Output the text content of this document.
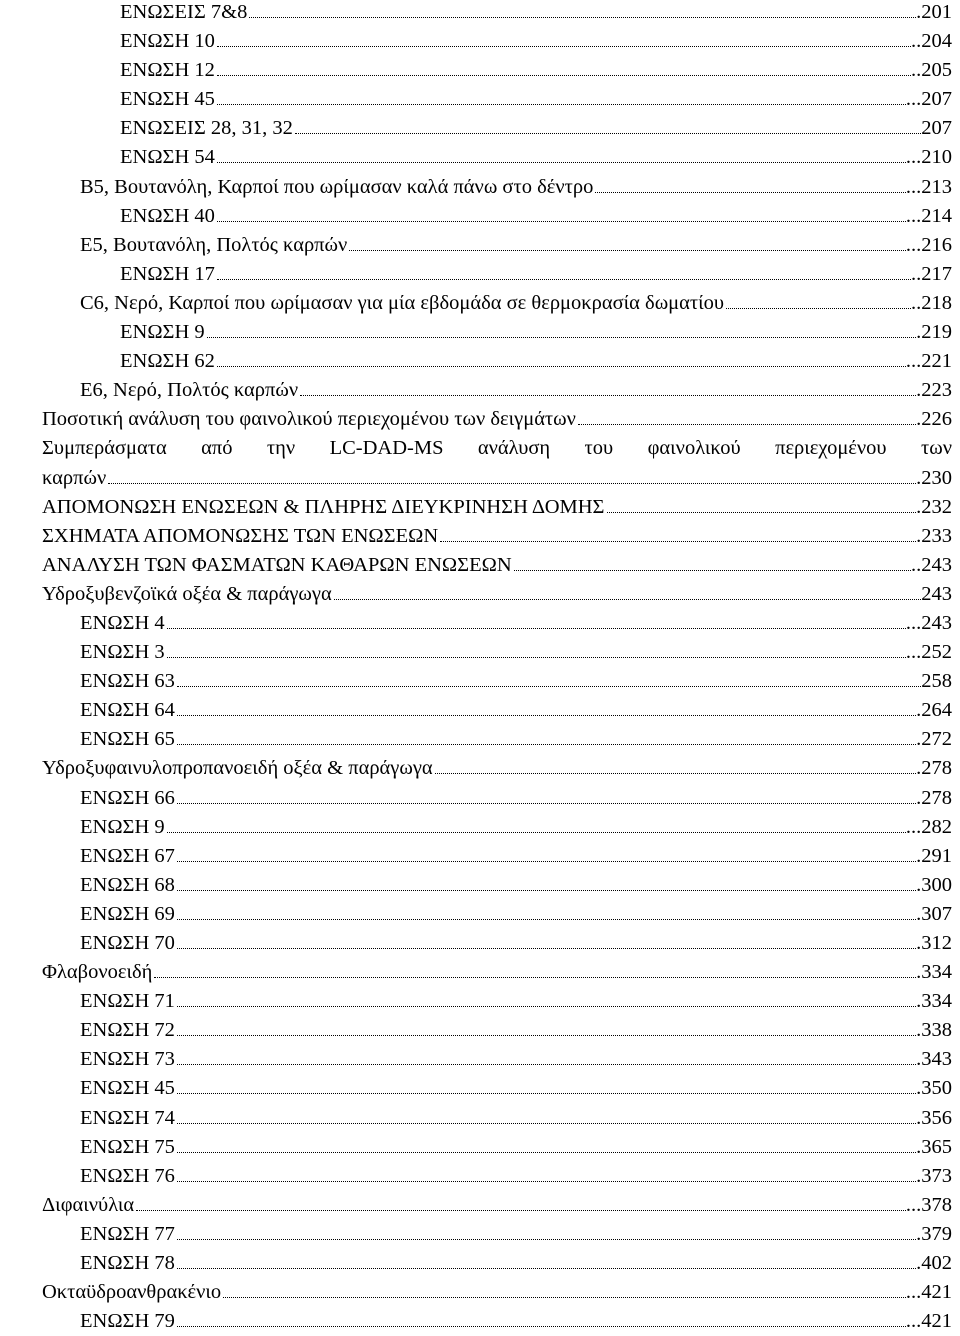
ΕΝΩΣΕΙΣ 7&8	.201
ΕΝΩΣΗ 10	..204
ΕΝΩΣΗ 12	..205
ΕΝΩΣΗ 45	...207
ΕΝΩΣΕΙΣ 28, 31, 32	207
ΕΝΩΣΗ 54	...210
B5, Βουτανόλη, Καρποί που ωρίμασαν καλά πάνω στο δέντρο	...213
ΕΝΩΣΗ 40	...214
E5, Βουτανόλη, Πολτός καρπών	...216
ΕΝΩΣΗ 17	..217
C6, Νερό, Καρποί που ωρίμασαν για μία εβδομάδα σε θερμοκρασία δωματίου	..218
ΕΝΩΣΗ 9	.219
ΕΝΩΣΗ 62	...221
E6, Νερό, Πολτός καρπών	.223
Ποσοτική ανάλυση του φαινολικού περιεχομένου των δειγμάτων	.226
Συμπεράσματα από την LC-DAD-MS ανάλυση του φαινολικού περιεχομένου των
καρπών	.230
ΑΠΟΜΟΝΩΣΗ ΕΝΩΣΕΩΝ & ΠΛΗΡΗΣ ΔΙΕΥΚΡΙΝΗΣΗ ΔΟΜΗΣ	.232
ΣΧΗΜΑΤΑ ΑΠΟΜΟΝΩΣΗΣ ΤΩΝ ΕΝΩΣΕΩΝ	.233
ΑΝΑΛΥΣΗ ΤΩΝ ΦΑΣΜΑΤΩΝ ΚΑΘΑΡΩΝ ΕΝΩΣΕΩΝ	..243
Υδροξυβενζοϊκά οξέα & παράγωγα	243
ΕΝΩΣΗ 4	...243
ΕΝΩΣΗ 3	...252
ΕΝΩΣΗ 63	258
ΕΝΩΣΗ 64	.264
ΕΝΩΣΗ 65	.272
Υδροξυφαινυλοπροπανοειδή οξέα & παράγωγα	.278
ΕΝΩΣΗ 66	.278
ΕΝΩΣΗ 9	...282
ΕΝΩΣΗ 67	.291
ΕΝΩΣΗ 68	.300
ΕΝΩΣΗ 69	.307
ΕΝΩΣΗ 70	.312
Φλαβονοειδή	.334
ΕΝΩΣΗ 71	.334
ΕΝΩΣΗ 72	.338
ΕΝΩΣΗ 73	.343
ΕΝΩΣΗ 45	.350
ΕΝΩΣΗ 74	.356
ΕΝΩΣΗ 75	.365
ΕΝΩΣΗ 76	.373
Διφαινύλια	...378
ΕΝΩΣΗ 77	.379
ΕΝΩΣΗ 78	.402
Οκταϋδροανθρακένιο	...421
ΕΝΩΣΗ 79	...421
